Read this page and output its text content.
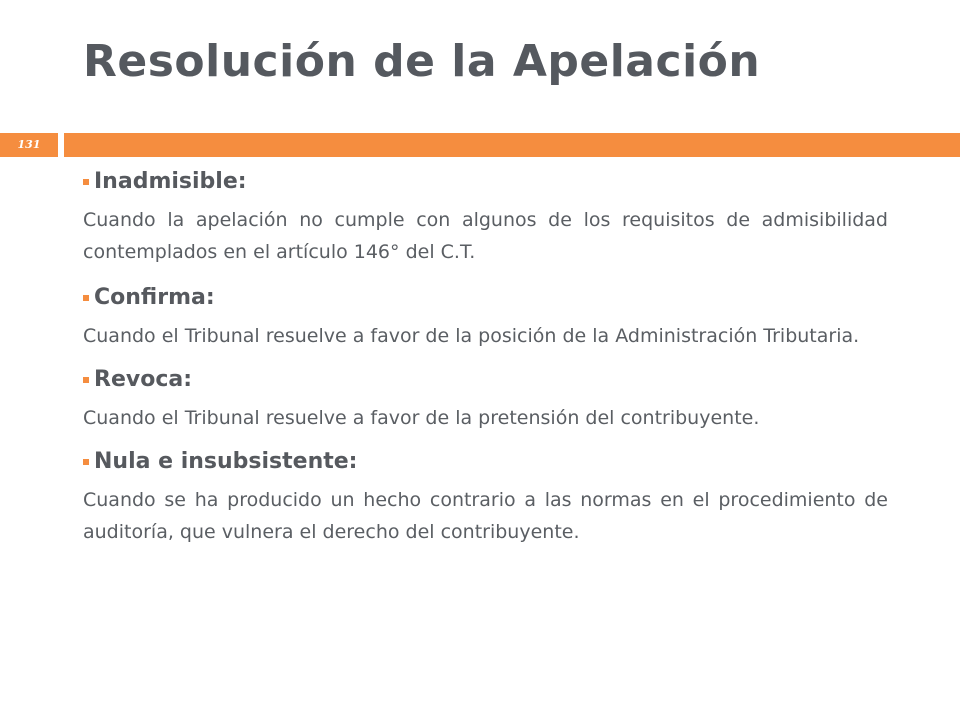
Resolución de la Apelación
131
Inadmisible:
Cuando la apelación no cumple con algunos de los requisitos de admisibilidad contemplados en el artículo 146° del C.T.
Confirma:
Cuando el Tribunal resuelve a favor de la posición de la Administración Tributaria.
Revoca:
Cuando el Tribunal resuelve a favor de la pretensión del contribuyente.
Nula e insubsistente:
Cuando se ha producido un hecho contrario a las normas en el procedimiento de auditoría, que vulnera el derecho del contribuyente.
